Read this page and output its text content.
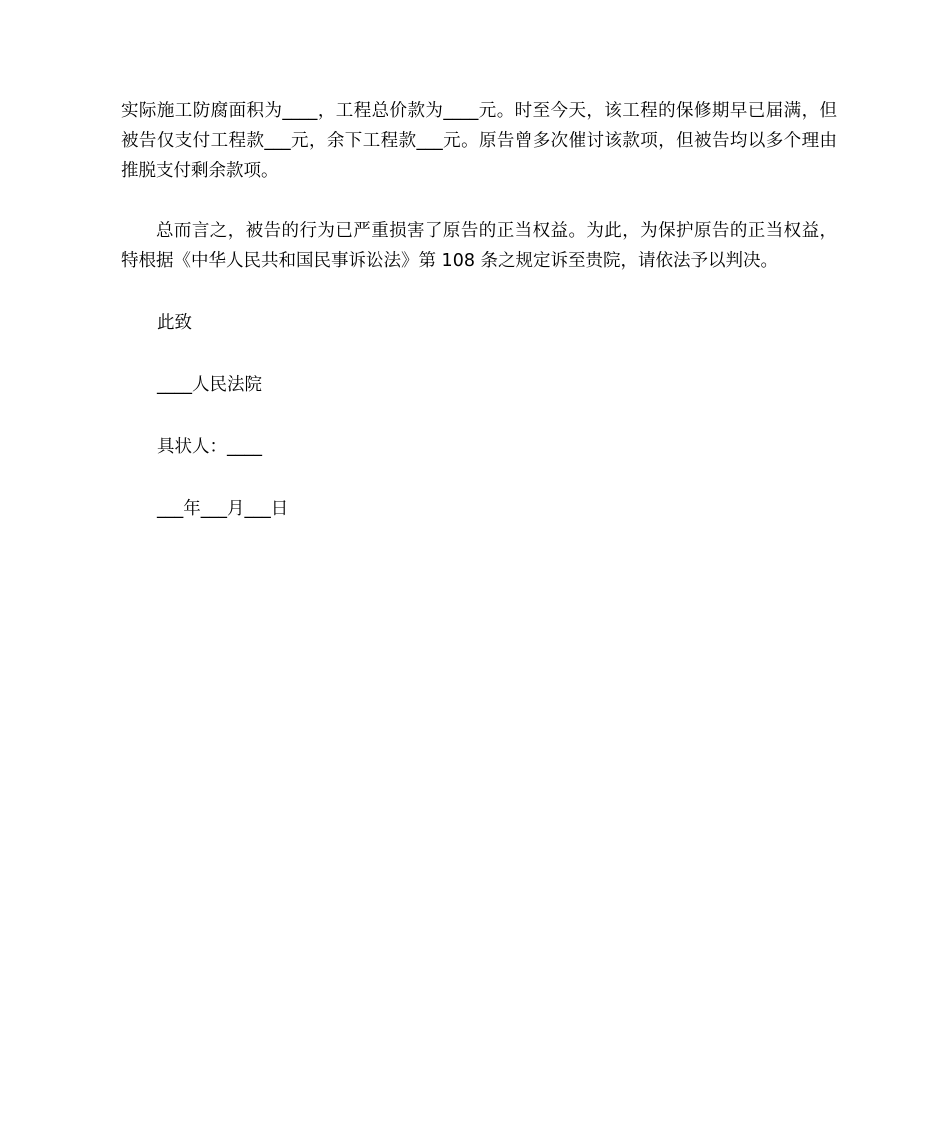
实际施工防腐面积为____，工程总价款为____元。时至今天，该工程的保修期早已届满，但被告仅支付工程款___元，余下工程款___元。原告曾多次催讨该款项，但被告均以多个理由推脱支付剩余款项。

总而言之，被告的行为已严重损害了原告的正当权益。为此，为保护原告的正当权益，特根据《中华人民共和国民事诉讼法》第 108 条之规定诉至贵院，请依法予以判决。

此致

____人民法院

具状人：____

___年___月___日
